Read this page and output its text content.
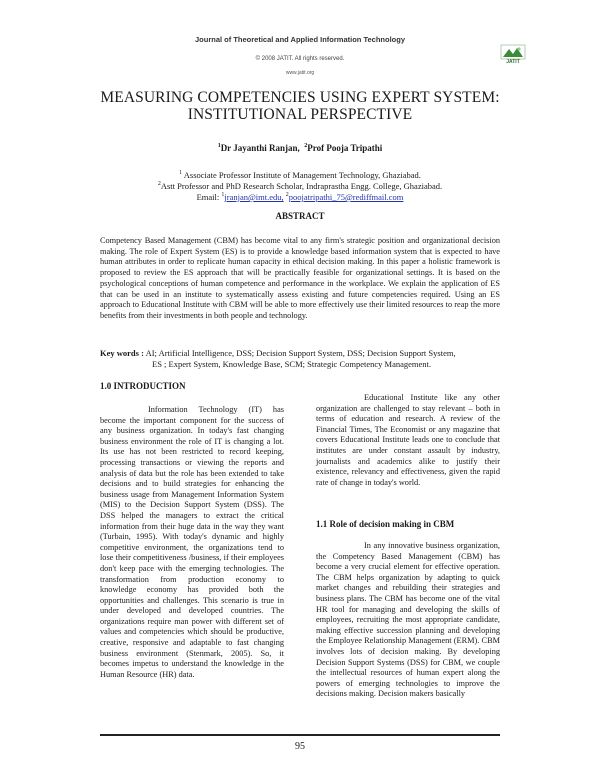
Journal of Theoretical and Applied Information Technology
JATIT
© 2008 JATIT. All rights reserved.
www.jatit.org
MEASURING COMPETENCIES USING EXPERT SYSTEM:
INSTITUTIONAL PERSPECTIVE
$^1$Dr Jayanthi Ranjan, $^2$Prof Pooja Tripathi
$^1$ Associate Professor Institute of Management Technology, Ghaziabad.
$^2$Astt Professor and PhD Research Scholar, Indraprastha Engg. College, Ghaziabad.
Email: $^1$jranjan@imt.edu, $^2$poojatripathi_75@rediffmail.com
ABSTRACT
Competency Based Management (CBM) has become vital to any firm's strategic position and organizational decision making. The role of Expert System (ES) is to provide a knowledge based information system that is expected to have human attributes in order to replicate human capacity in ethical decision making. In this paper a holistic framework is proposed to review the ES approach that will be practically feasible for organizational settings. It is based on the psychological conceptions of human competence and performance in the workplace. We explain the application of ES that can be used in an institute to systematically assess existing and future competencies required. Using an ES approach to Educational Institute with CBM will be able to more effectively use their limited resources to reap the more benefits from their investments in both people and technology.
Key words : AI; Artificial Intelligence, DSS; Decision Support System, DSS; Decision Support System,
ES ; Expert System, Knowledge Base, SCM; Strategic Competency Management.
1.0 INTRODUCTION

Information Technology (IT) has become the important component for the success of any business organization. In today's fast changing business environment the role of IT is changing a lot. Its use has not been restricted to record keeping, processing transactions or viewing the reports and analysis of data but the role has been extended to take decisions and to build strategies for enhancing the business usage from Management Information System (MIS) to the Decision Support System (DSS). The DSS helped the managers to extract the critical information from their huge data in the way they want (Turbain, 1995). With today's dynamic and highly competitive environment, the organizations tend to lose their competitiveness /business, if their employees don't keep pace with the emerging technologies. The transformation from production economy to knowledge economy has provided both the opportunities and challenges. This scenario is true in under developed and developed countries. The organizations require man power with different set of values and competencies which should be productive, creative, responsive and adaptable to fast changing business environment (Stenmark, 2005). So, it becomes impetus to understand the knowledge in the Human Resource (HR) data.

Educational Institute like any other organization are challenged to stay relevant – both in terms of education and research. A review of the Financial Times, The Economist or any magazine that covers Educational Institute leads one to conclude that institutes are under constant assault by industry, journalists and academics alike to justify their existence, relevancy and effectiveness, given the rapid rate of change in today's world.

1.1 Role of decision making in CBM

In any innovative business organization, the Competency Based Management (CBM) has become a very crucial element for effective operation. The CBM helps organization by adapting to quick market changes and rebuilding their strategies and business plans. The CBM has become one of the vital HR tool for managing and developing the skills of employees, recruiting the most appropriate candidate, making effective succession planning and developing the Employee Relationship Management (ERM). CBM involves lots of decision making. By developing Decision Support Systems (DSS) for CBM, we couple the intellectual resources of human expert along the powers of emerging technologies to improve the decisions making. Decision makers basically

95
